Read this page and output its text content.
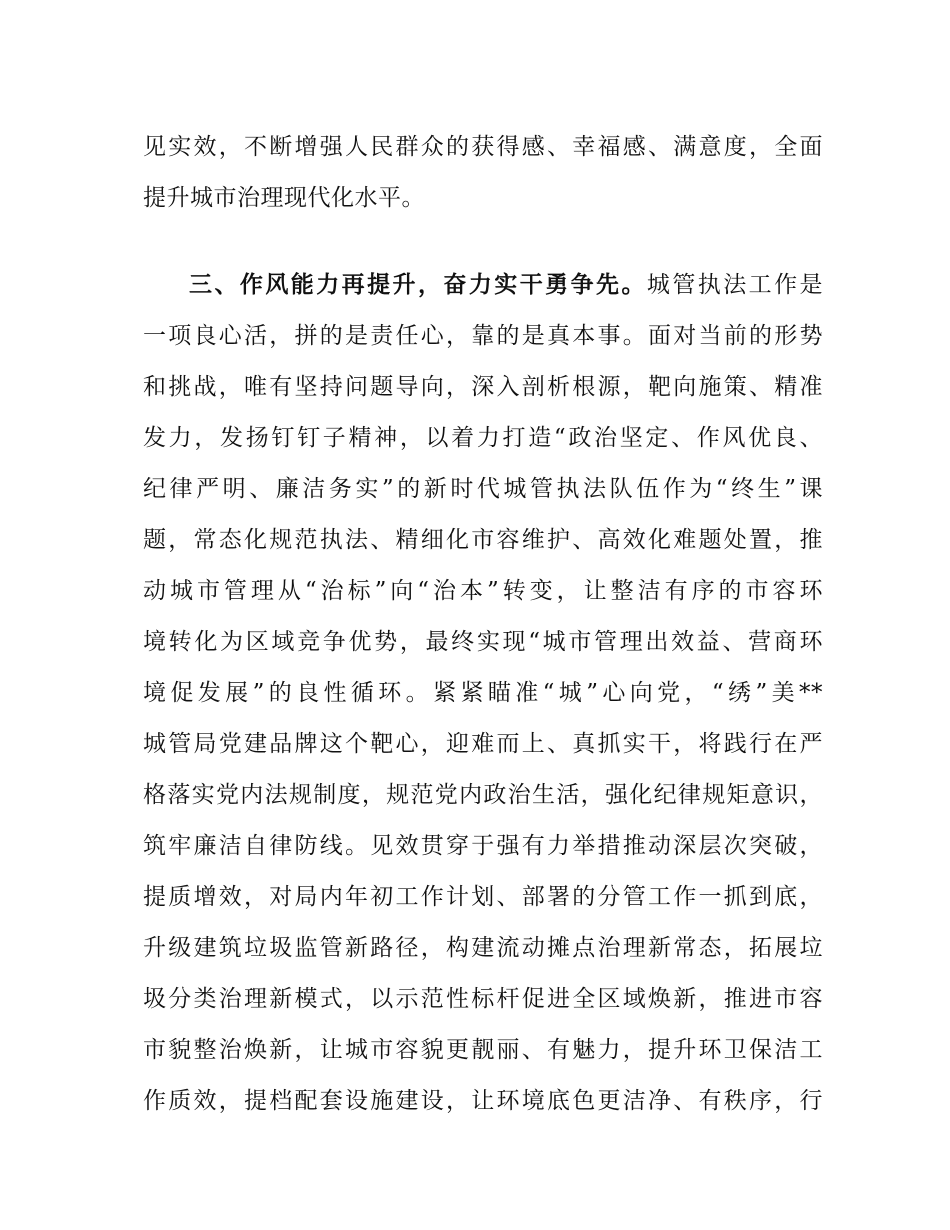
见实效，不断增强人民群众的获得感、幸福感、满意度，全面
提升城市治理现代化水平。
三、作风能力再提升，奋力实干勇争先。城管执法工作是
一项良心活，拼的是责任心，靠的是真本事。面对当前的形势
和挑战，唯有坚持问题导向，深入剖析根源，靶向施策、精准
发力，发扬钉钉子精神，以着力打造“政治坚定、作风优良、
纪律严明、廉洁务实”的新时代城管执法队伍作为“终生”课
题，常态化规范执法、精细化市容维护、高效化难题处置，推
动城市管理从“治标”向“治本”转变，让整洁有序的市容环
境转化为区域竞争优势，最终实现“城市管理出效益、营商环
境促发展”的良性循环。紧紧瞄准“城”心向党，“绣”美**
城管局党建品牌这个靶心，迎难而上、真抓实干，将践行在严
格落实党内法规制度，规范党内政治生活，强化纪律规矩意识，
筑牢廉洁自律防线。见效贯穿于强有力举措推动深层次突破，
提质增效，对局内年初工作计划、部署的分管工作一抓到底，
升级建筑垃圾监管新路径，构建流动摊点治理新常态，拓展垃
圾分类治理新模式，以示范性标杆促进全区域焕新，推进市容
市貌整治焕新，让城市容貌更靓丽、有魅力，提升环卫保洁工
作质效，提档配套设施建设，让环境底色更洁净、有秩序，行
